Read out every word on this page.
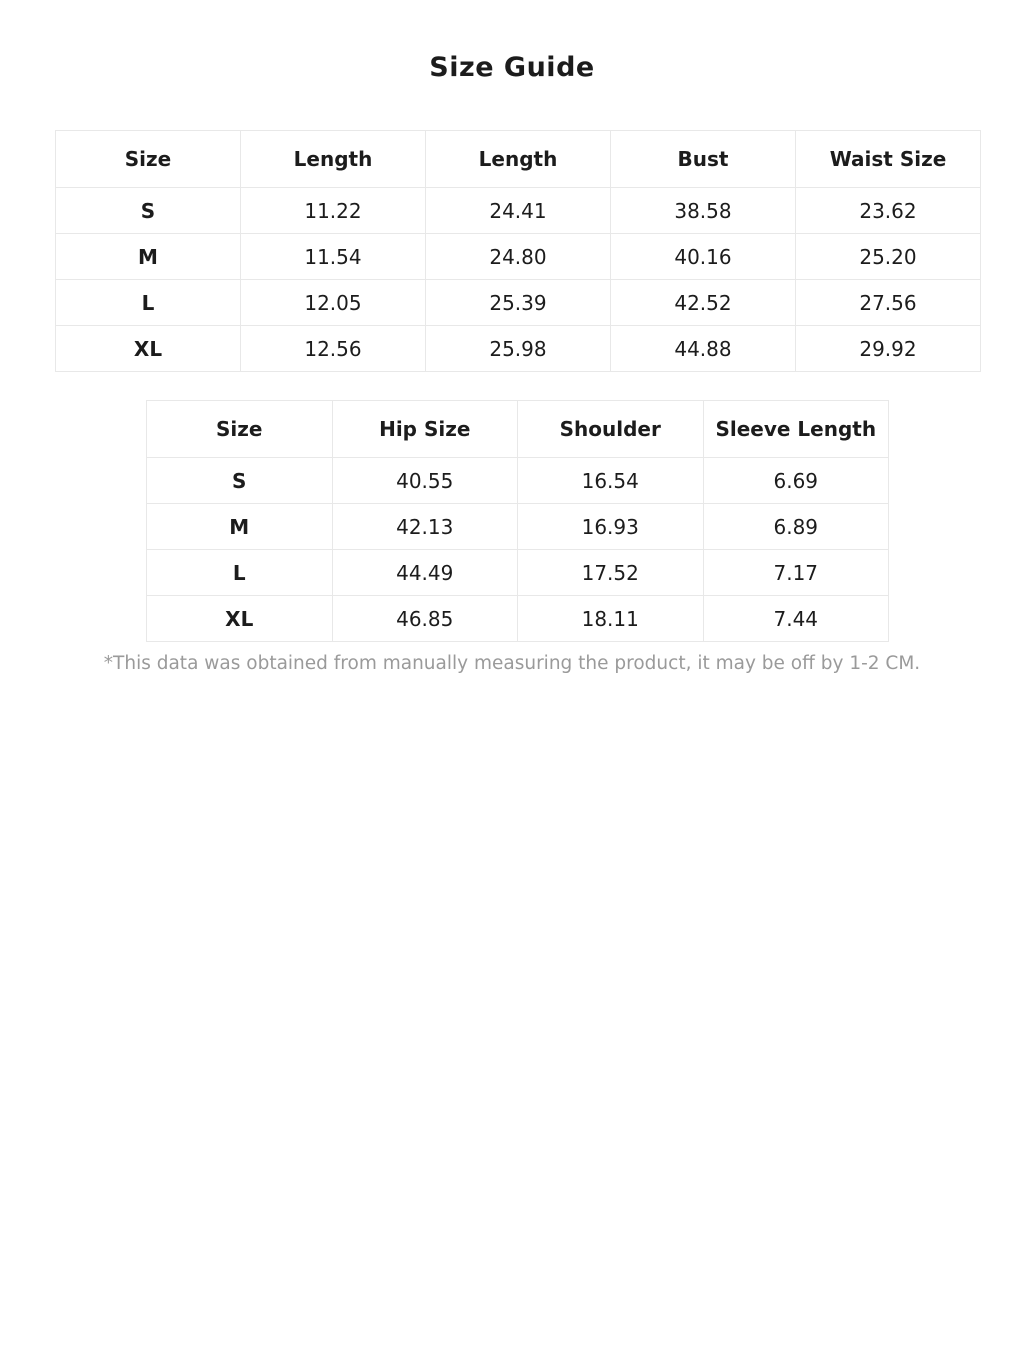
Size Guide
Size	Length	Length	Bust	Waist Size
S	11.22	24.41	38.58	23.62
M	11.54	24.80	40.16	25.20
L	12.05	25.39	42.52	27.56
XL	12.56	25.98	44.88	29.92
Size	Hip Size	Shoulder	Sleeve Length
S	40.55	16.54	6.69
M	42.13	16.93	6.89
L	44.49	17.52	7.17
XL	46.85	18.11	7.44
*This data was obtained from manually measuring the product, it may be off by 1-2 CM.
